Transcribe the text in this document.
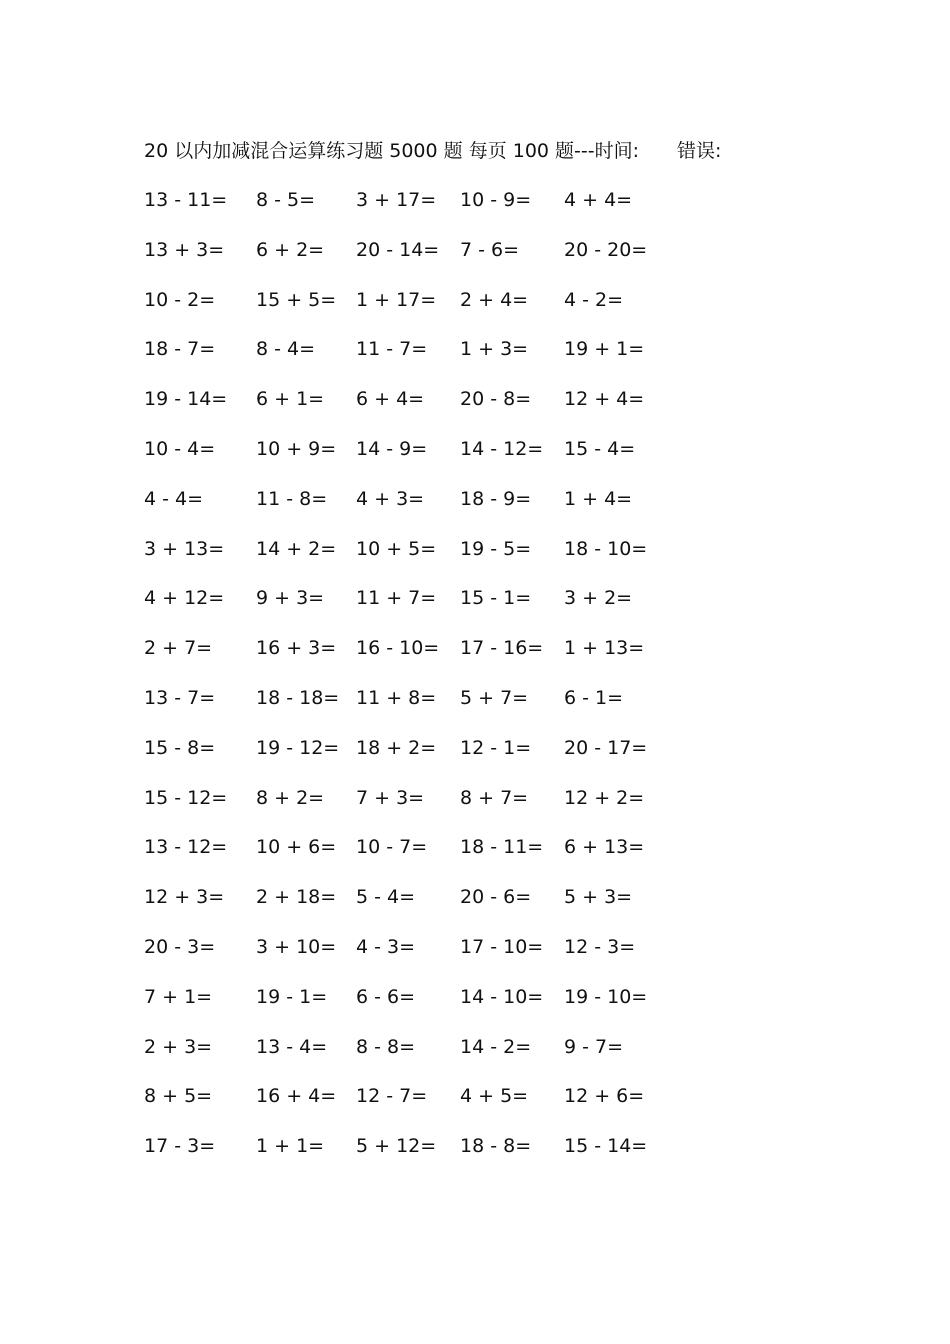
20 以内加减混合运算练习题 5000 题 每页 100 题---时间: 错误:
13 - 11= 8 - 5= 3 + 17= 10 - 9= 4 + 4=
13 + 3= 6 + 2= 20 - 14= 7 - 6= 20 - 20=
10 - 2= 15 + 5= 1 + 17= 2 + 4= 4 - 2=
18 - 7= 8 - 4= 11 - 7= 1 + 3= 19 + 1=
19 - 14= 6 + 1= 6 + 4= 20 - 8= 12 + 4=
10 - 4= 10 + 9= 14 - 9= 14 - 12= 15 - 4=
4 - 4=	11 - 8= 4 + 3= 18 - 9= 1 + 4=
3 + 13= 14 + 2= 10 + 5= 19 - 5= 18 - 10=
4 + 12= 9 + 3= 11 + 7= 15 - 1= 3 + 2=
2 + 7= 16 + 3= 16 - 10= 17 - 16= 1 + 13=
13 - 7= 18 - 18= 11 + 8= 5 + 7= 6 - 1=
15 - 8= 19 - 12= 18 + 2= 12 - 1= 20 - 17=
15 - 12= 8 + 2= 7 + 3= 8 + 7= 12 + 2=
13 - 12= 10 + 6= 10 - 7= 18 - 11= 6 + 13=
12 + 3= 2 + 18= 5 - 4= 20 - 6= 5 + 3=
20 - 3= 3 + 10= 4 - 3= 17 - 10= 12 - 3=
7 + 1= 19 - 1= 6 - 6= 14 - 10= 19 - 10=
2 + 3= 13 - 4= 8 - 8= 14 - 2= 9 - 7=
8 + 5= 16 + 4= 12 - 7= 4 + 5= 12 + 6=
17 - 3= 1 + 1= 5 + 12= 18 - 8= 15 - 14=
